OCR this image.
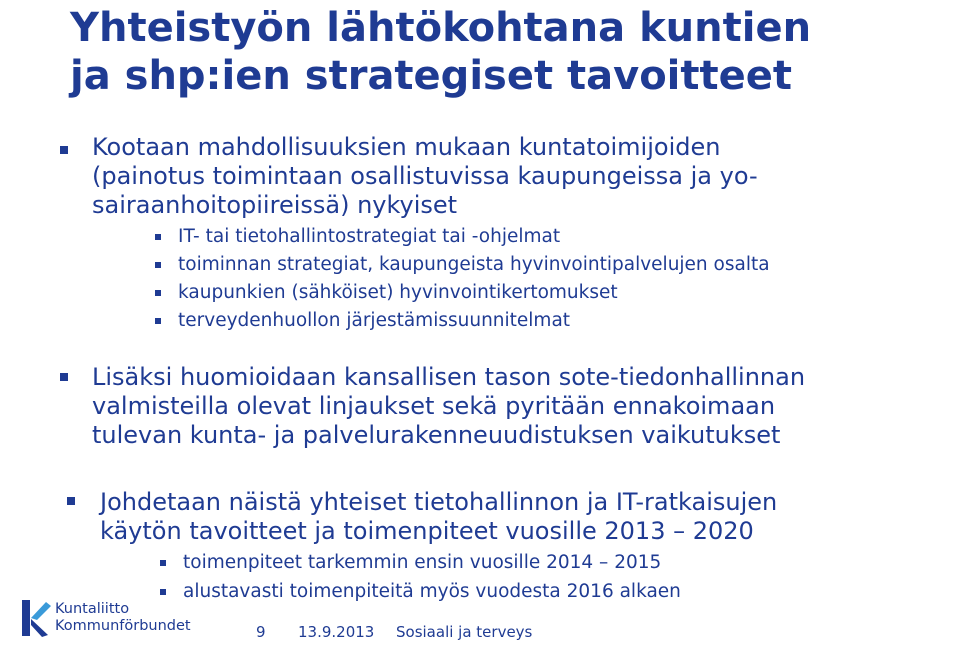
Yhteistyön lähtökohtana kuntien
ja shp:ien strategiset tavoitteet
Kootaan mahdollisuuksien mukaan kuntatoimijoiden
(painotus toimintaan osallistuvissa kaupungeissa ja yo-
sairaanhoitopiireissä) nykyiset
IT- tai tietohallintostrategiat tai -ohjelmat
toiminnan strategiat, kaupungeista hyvinvointipalvelujen osalta
kaupunkien (sähköiset) hyvinvointikertomukset
terveydenhuollon järjestämissuunnitelmat
Lisäksi huomioidaan kansallisen tason sote-tiedonhallinnan
valmisteilla olevat linjaukset sekä pyritään ennakoimaan
tulevan kunta- ja palvelurakenneuudistuksen vaikutukset
Johdetaan näistä yhteiset tietohallinnon ja IT-ratkaisujen
käytön tavoitteet ja toimenpiteet vuosille 2013 – 2020
toimenpiteet tarkemmin ensin vuosille 2014 – 2015
alustavasti toimenpiteitä myös vuodesta 2016 alkaen
Kuntaliitto
Kommunförbundet	9 13.9.2013 Sosiaali ja terveys
